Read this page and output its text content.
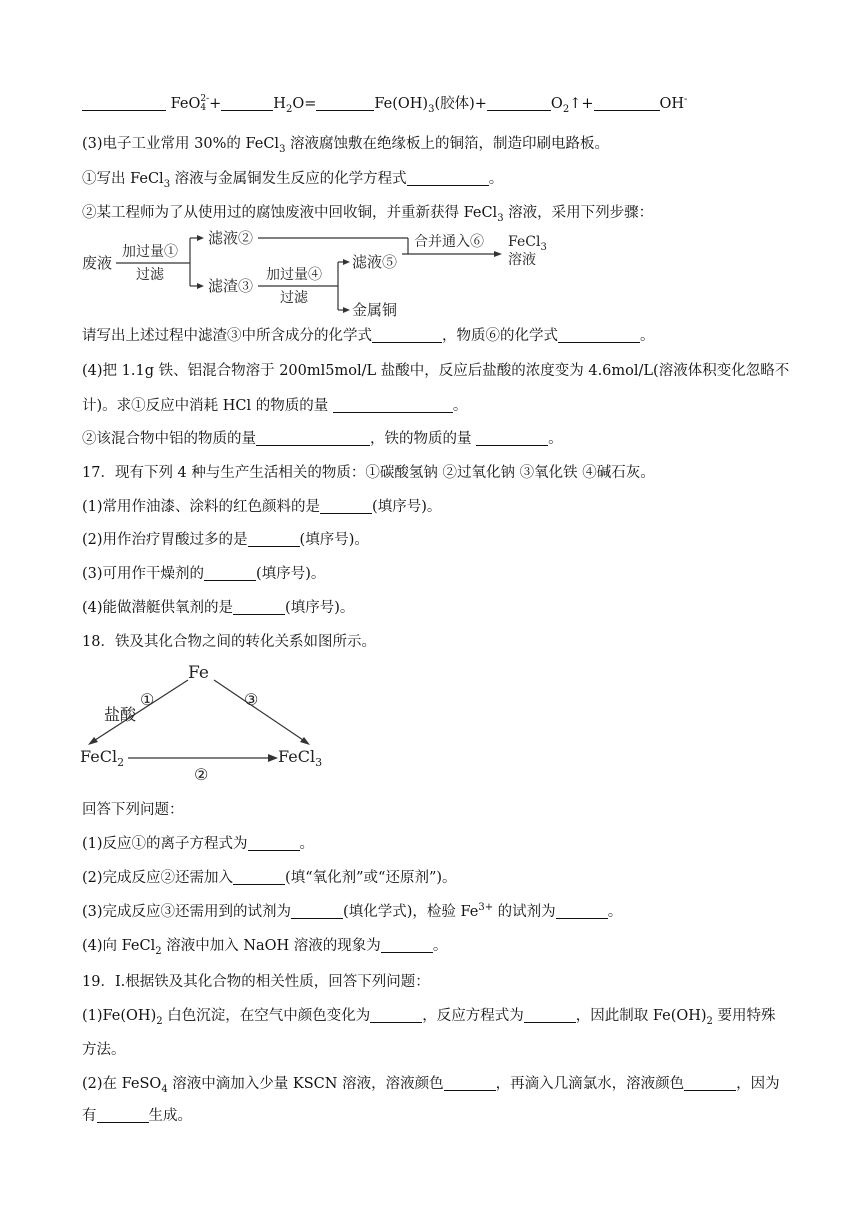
FeO 2-
4 +	$H_2O=$	$Fe(OH)_3$(胶体)+	$O_2↑+$	OH-
(3)电子工业常用 30%的 FeCl$_3$ 溶液腐蚀敷在绝缘板上的铜箔，制造印刷电路板。
①写出 FeCl$_3$ 溶液与金属铜发生反应的化学方程式	。
②某工程师为了从使用过的腐蚀废液中回收铜，并重新获得 FeCl$_3$ 溶液，采用下列步骤：
废液
加过量①
过滤
滤液②
滤渣③
加过量④
过滤
滤液⑤
金属铜
合并通入⑥ FeCl$_3$
溶液
请写出上述过程中滤渣③中所含成分的化学式	，物质⑥的化学式	。
(4)把 1.1g 铁、铝混合物溶于 200ml5mol/L 盐酸中，反应后盐酸的浓度变为 4.6mol/L(溶液体积变化忽略不
计)。求①反应中消耗 HCl 的物质的量	。
②该混合物中铝的物质的量	，铁的物质的量	。
17．现有下列 4 种与生产生活相关的物质：①碳酸氢钠 ②过氧化钠 ③氧化铁 ④碱石灰。
(1)常用作油漆、涂料的红色颜料的是	(填序号)。
(2)用作治疗胃酸过多的是	(填序号)。
(3)可用作干燥剂的	(填序号)。
(4)能做潜艇供氧剂的是	(填序号)。
18．铁及其化合物之间的转化关系如图所示。
Fe
①
盐酸
③
FeCl$_2$	FeCl$_3$
②
回答下列问题：
(1)反应①的离子方程式为	。
(2)完成反应②还需加入	(填“氧化剂”或“还原剂”)。
(3)完成反应③还需用到的试剂为	(填化学式)，检验 $Fe^{3+}$ 的试剂为	。
(4)向 FeCl$_2$ 溶液中加入 NaOH 溶液的现象为	。
19．Ⅰ.根据铁及其化合物的相关性质，回答下列问题：
$(1)Fe(OH)_2$ 白色沉淀，在空气中颜色变化为	，反应方程式为	，因此制取 $Fe(OH)_2$ 要用特殊
方法。
(2)在 FeSO$_4$ 溶液中滴加入少量 KSCN 溶液，溶液颜色	，再滴入几滴氯水，溶液颜色	，因为
有	生成。
